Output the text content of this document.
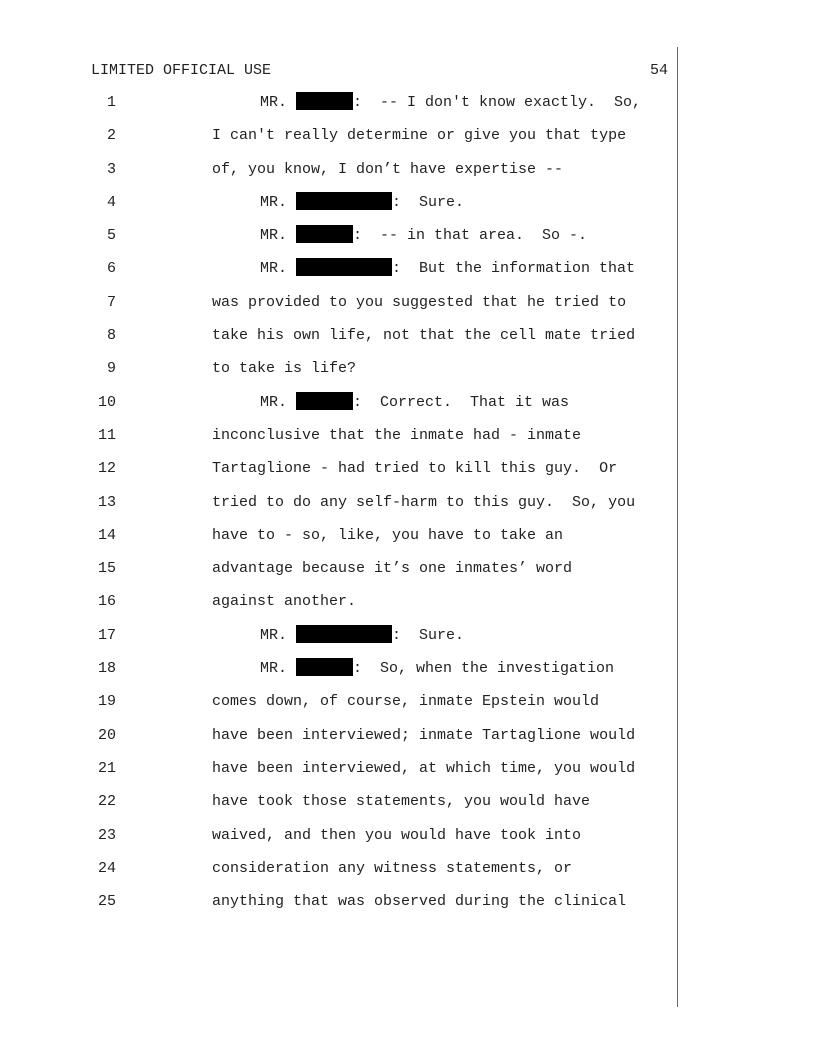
LIMITED OFFICIAL USE	54
1	MR.	:  -- I don't know exactly.  So,
2	I can't really determine or give you that type
3	of, you know, I don’t have expertise --
4	MR.	:  Sure.
5	MR.	:  -- in that area.  So -.
6	MR.	:  But the information that
7	was provided to you suggested that he tried to
8	take his own life, not that the cell mate tried
9	to take is life?
10	MR.	:  Correct.  That it was
11	inconclusive that the inmate had - inmate
12	Tartaglione - had tried to kill this guy.  Or
13	tried to do any self-harm to this guy.  So, you
14	have to - so, like, you have to take an
15	advantage because it’s one inmates’ word
16	against another.
17	MR.	:  Sure.
18	MR.	:  So, when the investigation
19	comes down, of course, inmate Epstein would
20	have been interviewed; inmate Tartaglione would
21	have been interviewed, at which time, you would
22	have took those statements, you would have
23	waived, and then you would have took into
24	consideration any witness statements, or
25	anything that was observed during the clinical
